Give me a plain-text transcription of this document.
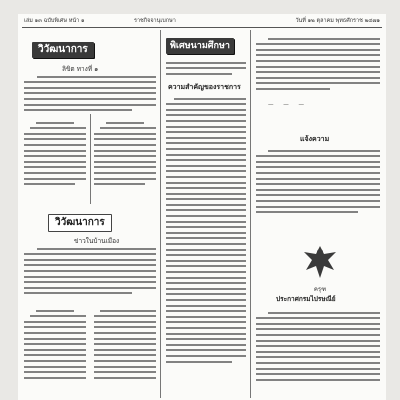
เล่ม ๑๓ ฉบับพิเศษ หน้า ๑	ราชกิจจานุเบกษา	วันที่ ๑๒ ตุลาคม พุทธศักราช ๒๔๗๑
วิวัฒนาการ
ลิขิต ทางที่ ๑
วิวัฒนาการ
ข่าวในบ้านเมือง
พิเศษนามศึกษา
ความสำคัญของราชการ
— — —
แจ้งความ
ครุฑ
ประกาศกรมไปรษณีย์
